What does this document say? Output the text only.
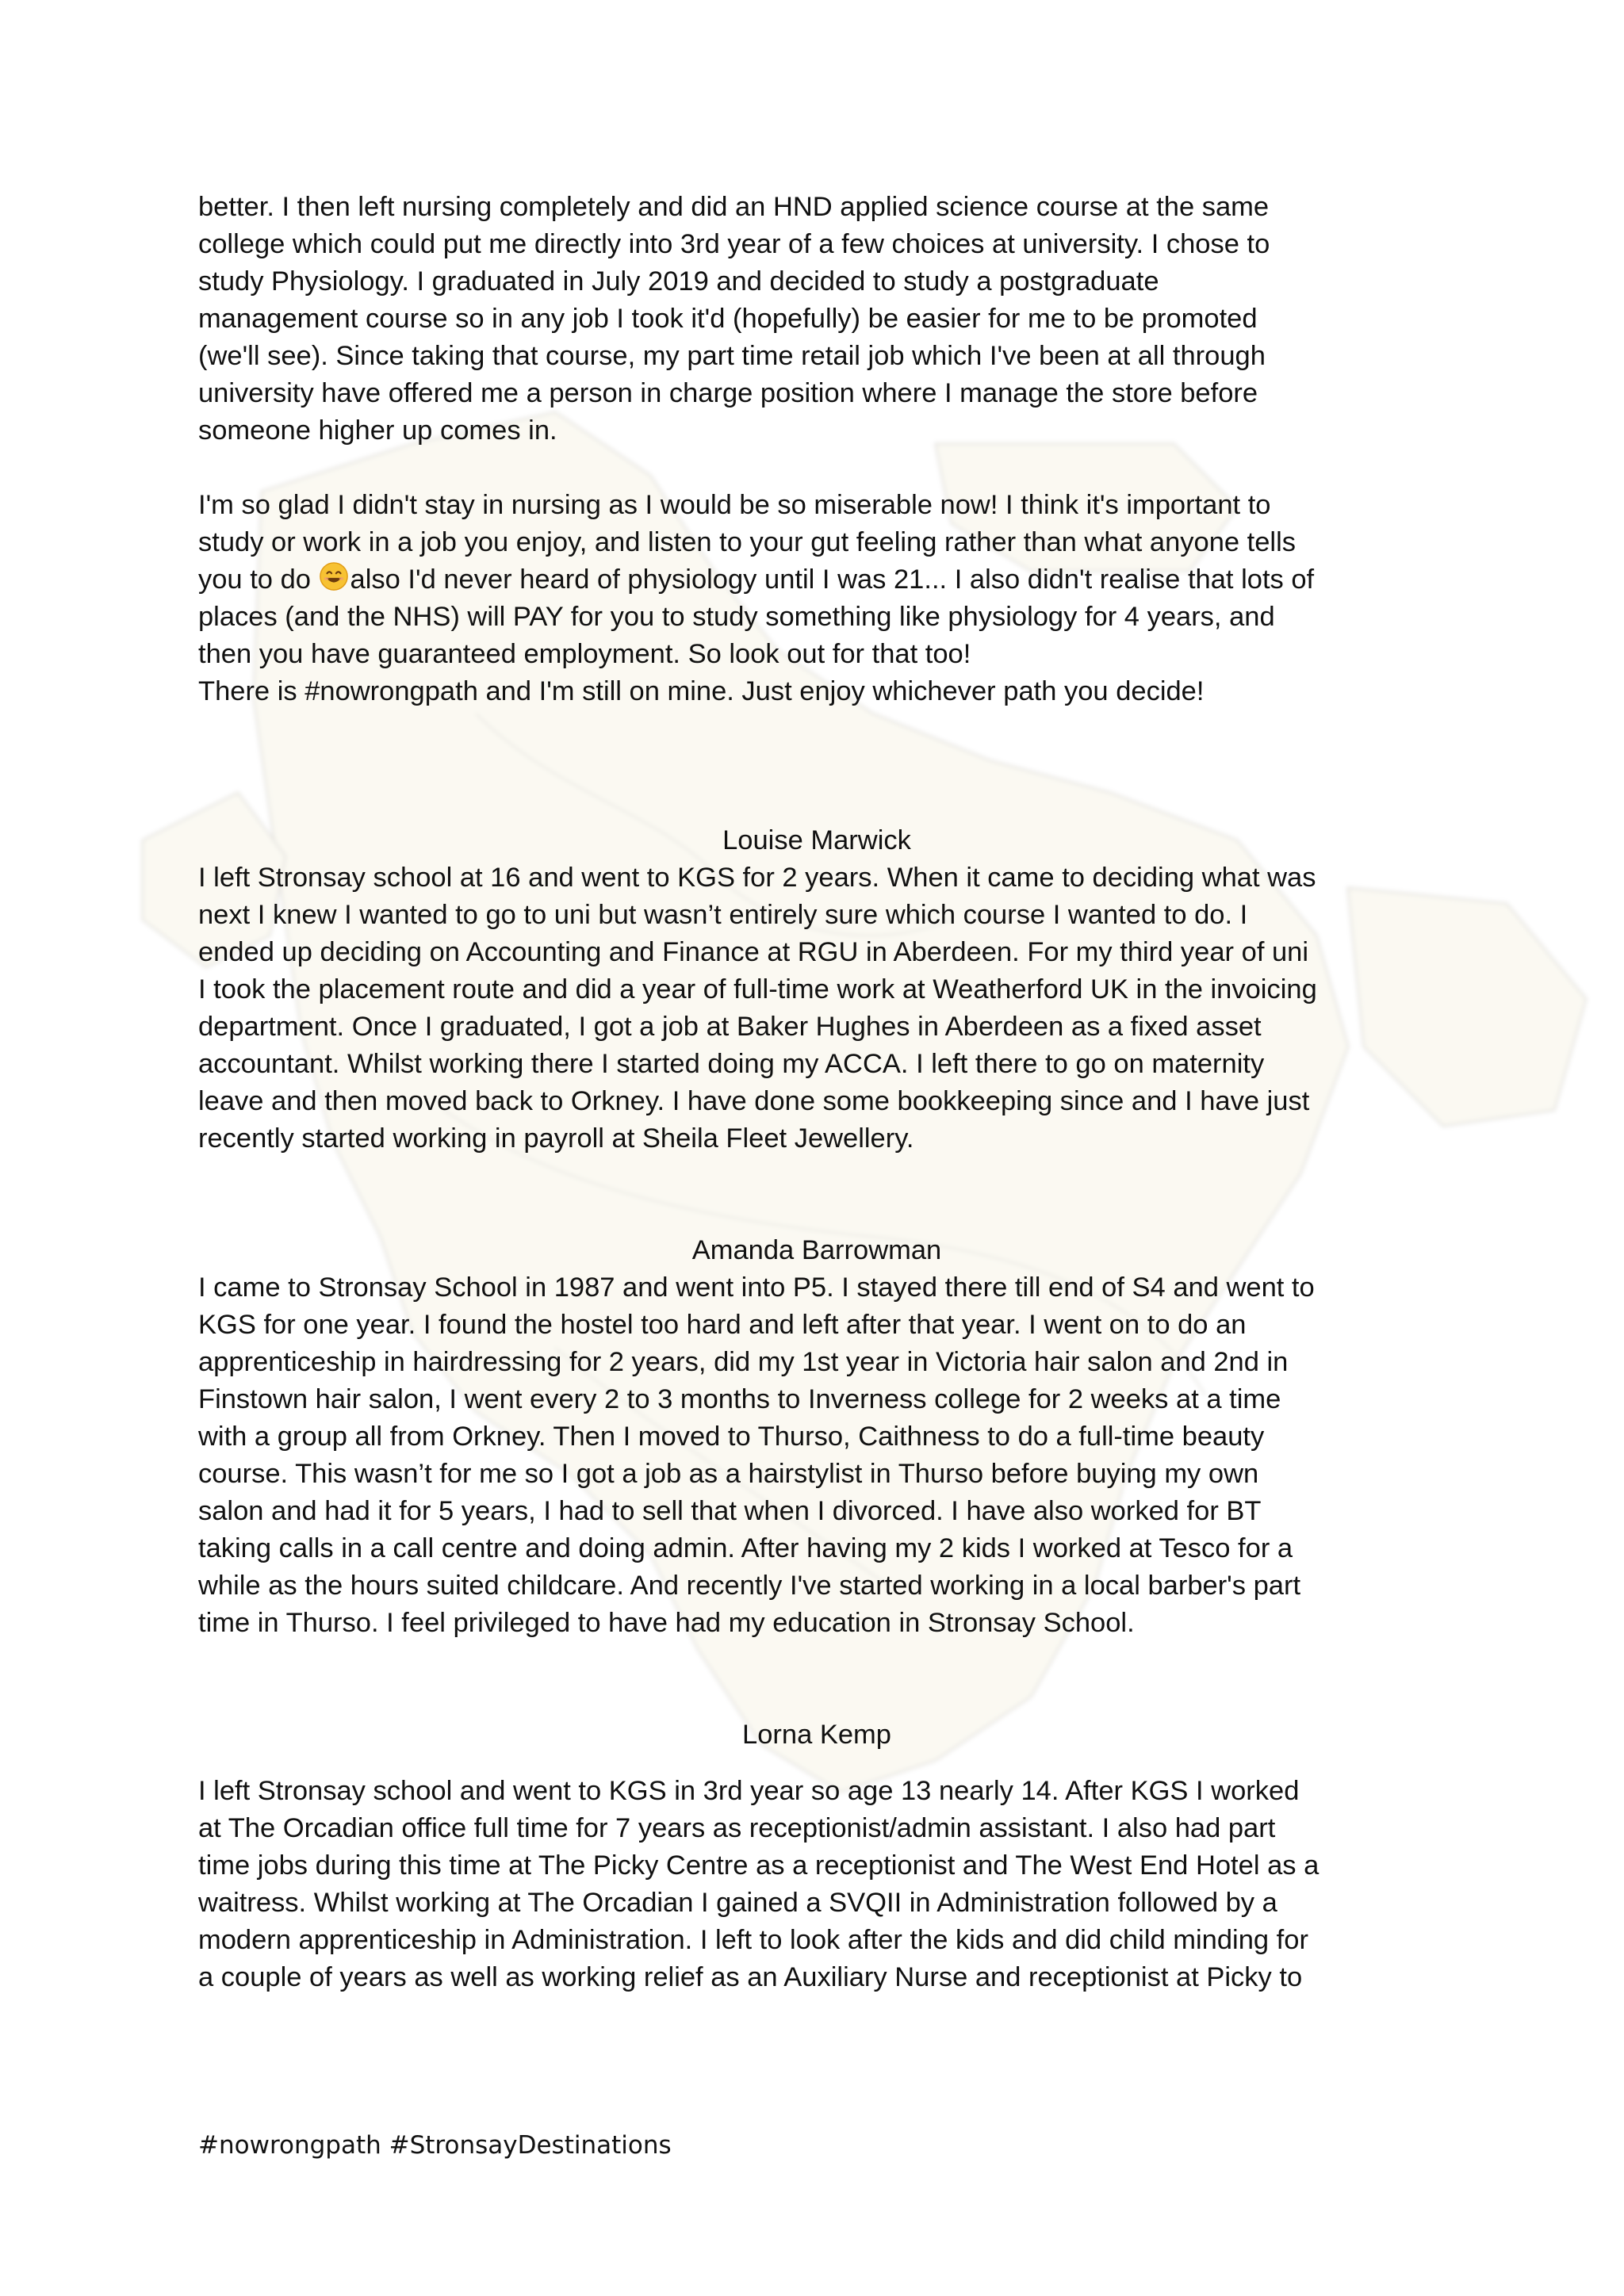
better. I then left nursing completely and did an HND applied science course at the same
college which could put me directly into 3rd year of a few choices at university. I chose to
study Physiology. I graduated in July 2019 and decided to study a postgraduate
management course so in any job I took it'd (hopefully) be easier for me to be promoted
(we'll see). Since taking that course, my part time retail job which I've been at all through
university have offered me a person in charge position where I manage the store before
someone higher up comes in.

I'm so glad I didn't stay in nursing as I would be so miserable now! I think it's important to
study or work in a job you enjoy, and listen to your gut feeling rather than what anyone tells
you to do also I'd never heard of physiology until I was 21... I also didn't realise that lots of
places (and the NHS) will PAY for you to study something like physiology for 4 years, and
then you have guaranteed employment. So look out for that too!
There is #nowrongpath and I'm still on mine. Just enjoy whichever path you decide!

Louise Marwick

I left Stronsay school at 16 and went to KGS for 2 years. When it came to deciding what was
next I knew I wanted to go to uni but wasn’t entirely sure which course I wanted to do. I
ended up deciding on Accounting and Finance at RGU in Aberdeen. For my third year of uni
I took the placement route and did a year of full-time work at Weatherford UK in the invoicing
department. Once I graduated, I got a job at Baker Hughes in Aberdeen as a fixed asset
accountant. Whilst working there I started doing my ACCA. I left there to go on maternity
leave and then moved back to Orkney. I have done some bookkeeping since and I have just
recently started working in payroll at Sheila Fleet Jewellery.

Amanda Barrowman

I came to Stronsay School in 1987 and went into P5. I stayed there till end of S4 and went to
KGS for one year. I found the hostel too hard and left after that year. I went on to do an
apprenticeship in hairdressing for 2 years, did my 1st year in Victoria hair salon and 2nd in
Finstown hair salon, I went every 2 to 3 months to Inverness college for 2 weeks at a time
with a group all from Orkney. Then I moved to Thurso, Caithness to do a full-time beauty
course. This wasn’t for me so I got a job as a hairstylist in Thurso before buying my own
salon and had it for 5 years, I had to sell that when I divorced. I have also worked for BT
taking calls in a call centre and doing admin. After having my 2 kids I worked at Tesco for a
while as the hours suited childcare. And recently I've started working in a local barber's part
time in Thurso. I feel privileged to have had my education in Stronsay School.

Lorna Kemp

I left Stronsay school and went to KGS in 3rd year so age 13 nearly 14. After KGS I worked
at The Orcadian office full time for 7 years as receptionist/admin assistant. I also had part
time jobs during this time at The Picky Centre as a receptionist and The West End Hotel as a
waitress. Whilst working at The Orcadian I gained a SVQII in Administration followed by a
modern apprenticeship in Administration. I left to look after the kids and did child minding for
a couple of years as well as working relief as an Auxiliary Nurse and receptionist at Picky to

#nowrongpath #StronsayDestinations
